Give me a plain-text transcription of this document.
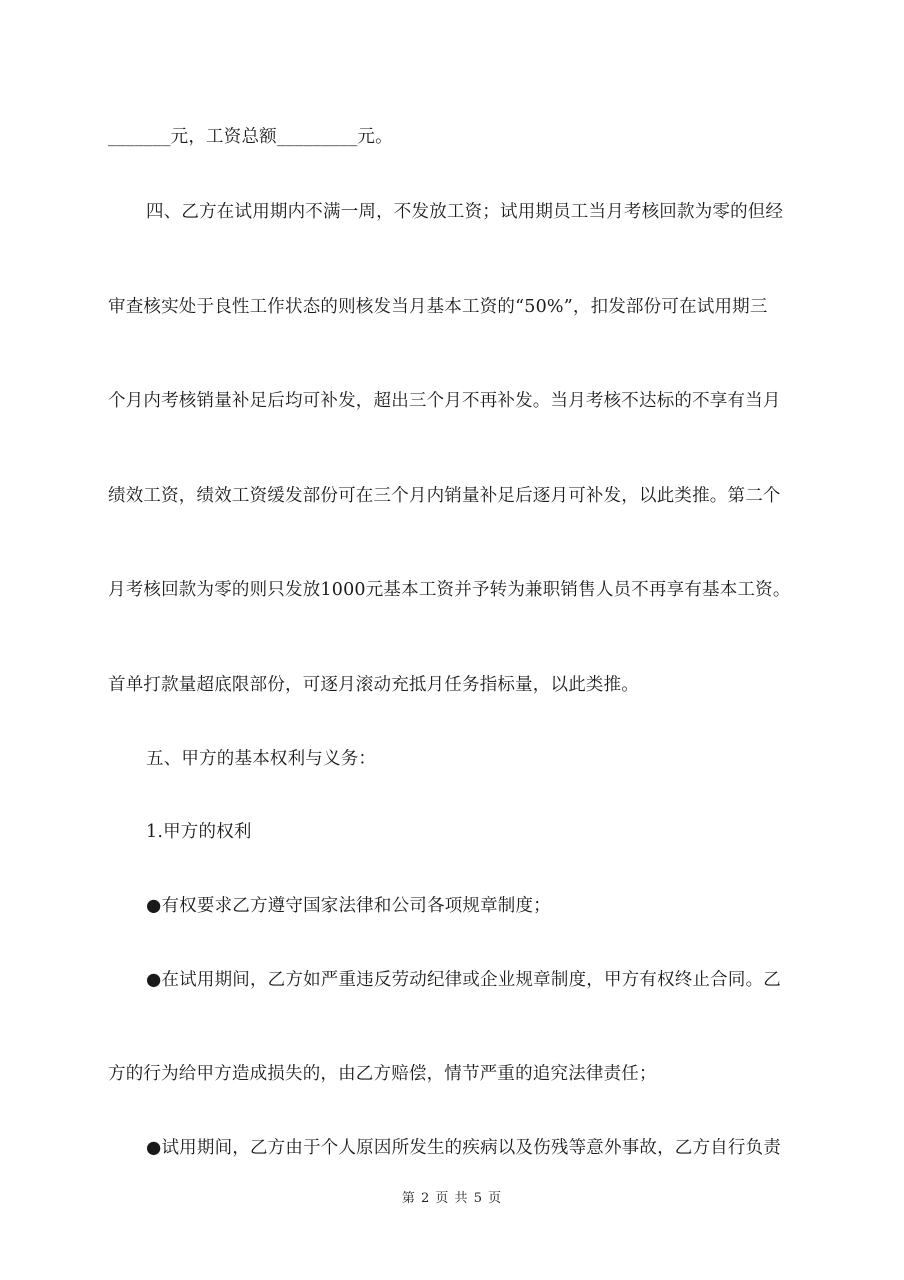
_______元，工资总额_________元。
四、乙方在试用期内不满一周，不发放工资；试用期员工当月考核回款为零的但经
审查核实处于良性工作状态的则核发当月基本工资的“50%”，扣发部份可在试用期三
个月内考核销量补足后均可补发，超出三个月不再补发。当月考核不达标的不享有当月
绩效工资，绩效工资缓发部份可在三个月内销量补足后逐月可补发，以此类推。第二个
月考核回款为零的则只发放1000元基本工资并予转为兼职销售人员不再享有基本工资。
首单打款量超底限部份，可逐月滚动充抵月任务指标量，以此类推。
五、甲方的基本权利与义务：
1.甲方的权利
●有权要求乙方遵守国家法律和公司各项规章制度；
●在试用期间，乙方如严重违反劳动纪律或企业规章制度，甲方有权终止合同。乙
方的行为给甲方造成损失的，由乙方赔偿，情节严重的追究法律责任；
●试用期间，乙方由于个人原因所发生的疾病以及伤残等意外事故，乙方自行负责
第 2 页 共 5 页
